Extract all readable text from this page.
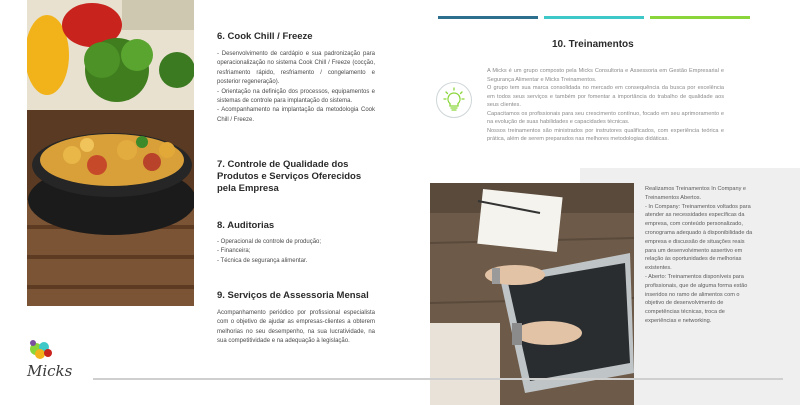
6. Cook Chill / Freeze
- Desenvolvimento de cardápio e sua padronização para operacionalização no sistema Cook Chill / Freeze (cocção, resfriamento rápido, resfriamento / congelamento e posterior regeneração).
- Orientação na definição dos processos, equipamentos e sistemas de controle para implantação do sistema.
- Acompanhamento na implantação da metodologia Cook Chill / Freeze.
7. Controle de Qualidade dos Produtos e Serviços Oferecidos pela Empresa
8. Auditorias
- Operacional de controle de produção;
- Financeira;
- Técnica de segurança alimentar.
9. Serviços de Assessoria Mensal
Acompanhamento periódico por profissional especialista com o objetivo de ajudar as empresas-clientes a obterem melhorias no seu desempenho, na sua lucratividade, na sua competitividade e na adequação à legislação.
10. Treinamentos
A Micks é um grupo composto pela Micks Consultoria e Assessoria em Gestão Empresarial e Segurança Alimentar e Micks Treinamentos.
O grupo tem sua marca consolidada no mercado em consequência da busca por excelência em todos seus serviços e também por fomentar a importância do trabalho de qualidade aos seus clientes.
Capacitamos os profissionais para seu crescimento contínuo, focado em seu aprimoramento e na evolução de suas habilidades e capacidades técnicas.
Nossos treinamentos são ministrados por instrutores qualificados, com experiência teórica e prática, além de serem preparados nas melhores metodologias didáticas.
Realizamos Treinamentos In Company e Treinamentos Abertos.
- In Company: Treinamentos voltados para atender as necessidades específicas da empresa, com conteúdo personalizado, cronograma adequado à disponibilidade da empresa e discussão de situações reais para um desenvolvimento assertivo em relação às oportunidades de melhorias existentes.
- Aberto: Treinamentos disponíveis para profissionais, que de alguma forma estão inseridos no ramo de alimentos com o objetivo de desenvolvimento de competências técnicas, troca de experiências e networking.
Micks
